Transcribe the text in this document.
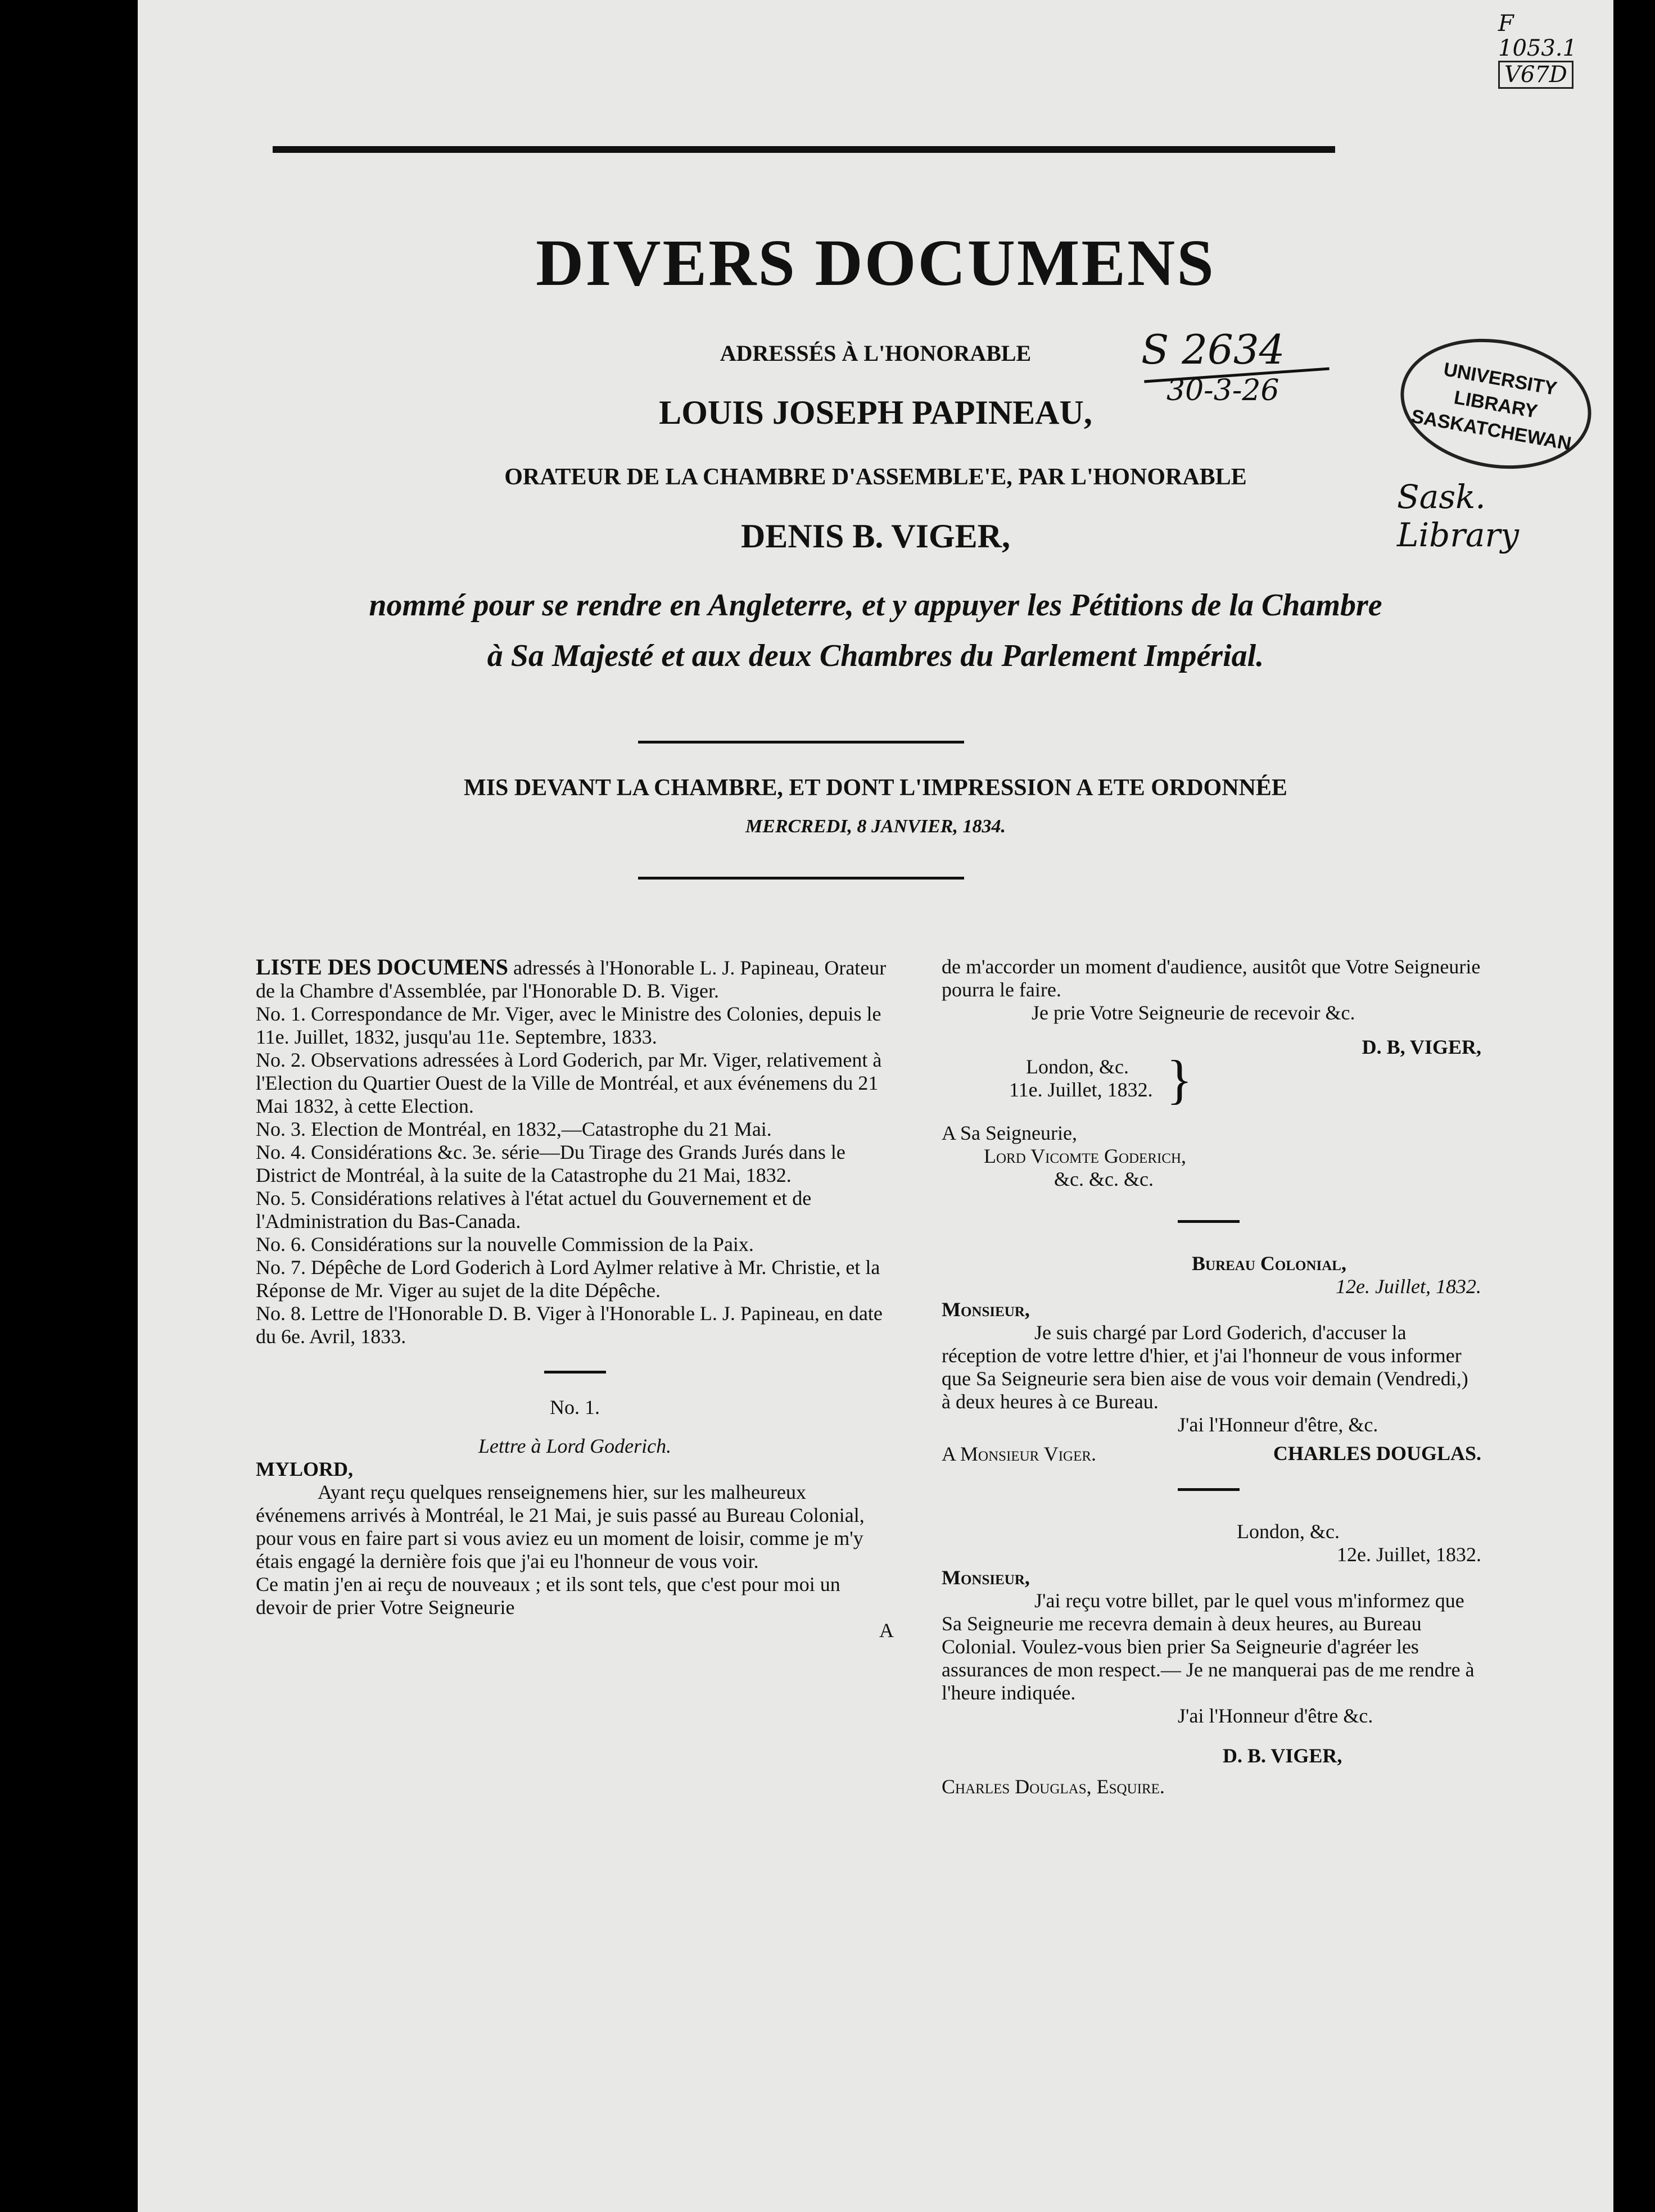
F
1053.1
V67D
S 2634
30-3-26	UNIVERSITY LIBRARY SASKATCHEWAN
Sask. Library
DIVERS DOCUMENS
ADRESSÉS À L'HONORABLE
LOUIS JOSEPH PAPINEAU,
ORATEUR DE LA CHAMBRE D'ASSEMBLE'E, PAR L'HONORABLE
DENIS B. VIGER,
nommé pour se rendre en Angleterre, et y appuyer les Pétitions de la Chambre
à Sa Majesté et aux deux Chambres du Parlement Impérial.
MIS DEVANT LA CHAMBRE, ET DONT L'IMPRESSION A ETE ORDONNÉE
MERCREDI, 8 JANVIER, 1834.

LISTE DES DOCUMENS adressés à l'Honorable L. J. Papineau, Orateur de la Chambre d'Assemblée, par l'Honorable D. B. Viger.

No. 1. Correspondance de Mr. Viger, avec le Ministre des Colonies, depuis le 11e. Juillet, 1832, jusqu'au 11e. Septembre, 1833.

No. 2. Observations adressées à Lord Goderich, par Mr. Viger, relativement à l'Election du Quartier Ouest de la Ville de Montréal, et aux événemens du 21 Mai 1832, à cette Election.

No. 3. Election de Montréal, en 1832,—Catastrophe du 21 Mai.

No. 4. Considérations &c. 3e. série—Du Tirage des Grands Jurés dans le District de Montréal, à la suite de la Catastrophe du 21 Mai, 1832.

No. 5. Considérations relatives à l'état actuel du Gouvernement et de l'Administration du Bas-Canada.

No. 6. Considérations sur la nouvelle Commission de la Paix.

No. 7. Dépêche de Lord Goderich à Lord Aylmer relative à Mr. Christie, et la Réponse de Mr. Viger au sujet de la dite Dépêche.

No. 8. Lettre de l'Honorable D. B. Viger à l'Honorable L. J. Papineau, en date du 6e. Avril, 1833.

No. 1.

Lettre à Lord Goderich.

MYLORD,

Ayant reçu quelques renseignemens hier, sur les malheureux événemens arrivés à Montréal, le 21 Mai, je suis passé au Bureau Colonial, pour vous en faire part si vous aviez eu un moment de loisir, comme je m'y étais engagé la dernière fois que j'ai eu l'honneur de vous voir.

Ce matin j'en ai reçu de nouveaux ; et ils sont tels, que c'est pour moi un devoir de prier Votre Seigneurie

A

de m'accorder un moment d'audience, ausitôt que Votre Seigneurie pourra le faire.

Je prie Votre Seigneurie de recevoir &c.

D. B, VIGER,

London, &c.

11e. Juillet, 1832. }

A Sa Seigneurie,

Lord Vicomte Goderich,

&c. &c. &c.

Bureau Colonial,

12e. Juillet, 1832.

Monsieur,

Je suis chargé par Lord Goderich, d'accuser la réception de votre lettre d'hier, et j'ai l'honneur de vous informer que Sa Seigneurie sera bien aise de vous voir demain (Vendredi,) à deux heures à ce Bureau.

J'ai l'Honneur d'être, &c.

CHARLES DOUGLAS.

A Monsieur Viger.

London, &c.

12e. Juillet, 1832.

Monsieur,

J'ai reçu votre billet, par le quel vous m'informez que Sa Seigneurie me recevra demain à deux heures, au Bureau Colonial. Voulez-vous bien prier Sa Seigneurie d'agréer les assurances de mon respect.— Je ne manquerai pas de me rendre à l'heure indiquée.

J'ai l'Honneur d'être &c.

D. B. VIGER,

Charles Douglas, Esquire.
